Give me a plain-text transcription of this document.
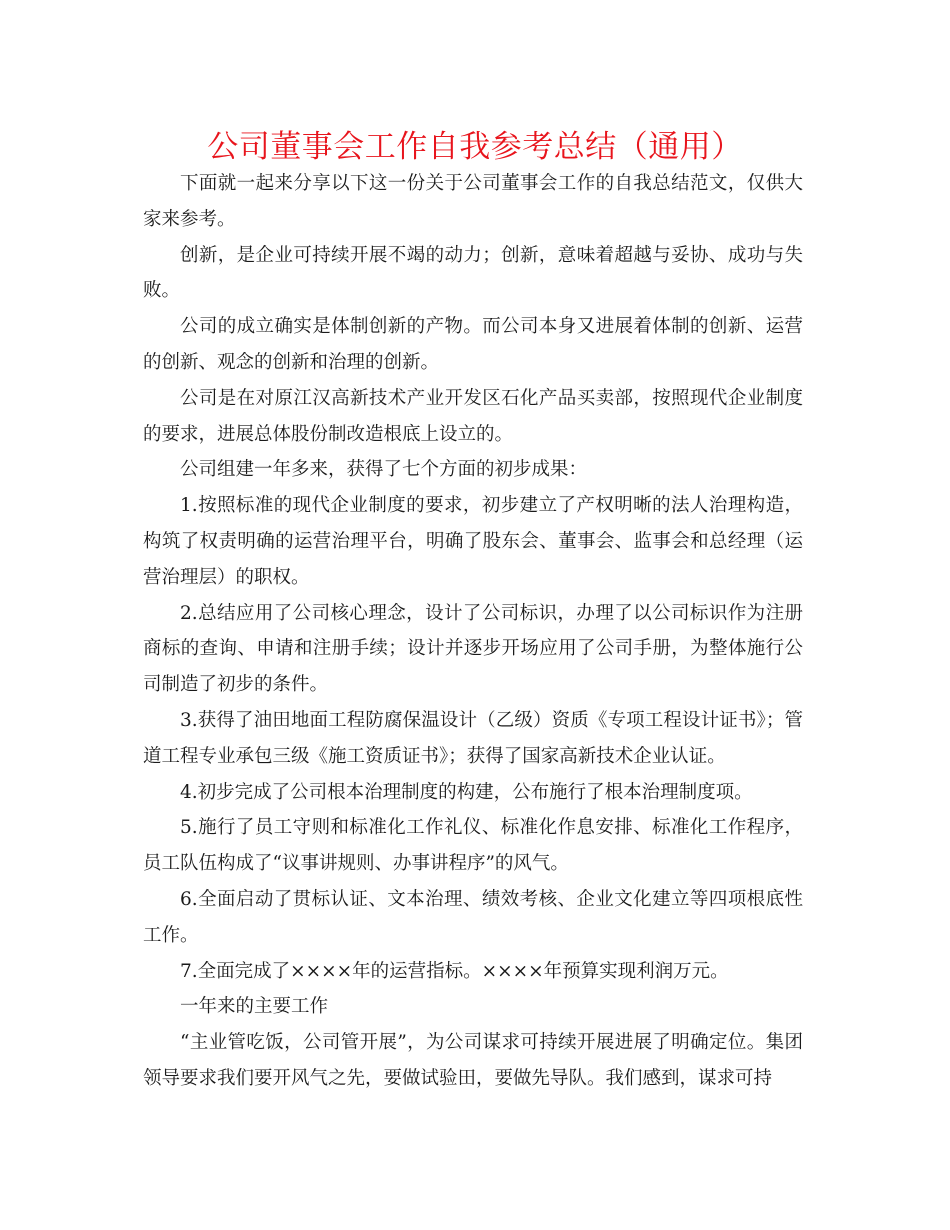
公司董事会工作自我参考总结（通用）

下面就一起来分享以下这一份关于公司董事会工作的自我总结范文，仅供大家来参考。

创新，是企业可持续开展不竭的动力；创新，意味着超越与妥协、成功与失败。

公司的成立确实是体制创新的产物。而公司本身又进展着体制的创新、运营的创新、观念的创新和治理的创新。

公司是在对原江汉高新技术产业开发区石化产品买卖部，按照现代企业制度的要求，进展总体股份制改造根底上设立的。

公司组建一年多来，获得了七个方面的初步成果：

1.按照标准的现代企业制度的要求，初步建立了产权明晰的法人治理构造，构筑了权责明确的运营治理平台，明确了股东会、董事会、监事会和总经理（运营治理层）的职权。

2.总结应用了公司核心理念，设计了公司标识，办理了以公司标识作为注册商标的查询、申请和注册手续；设计并逐步开场应用了公司手册，为整体施行公司制造了初步的条件。

3.获得了油田地面工程防腐保温设计（乙级）资质《专项工程设计证书》；管道工程专业承包三级《施工资质证书》；获得了国家高新技术企业认证。

4.初步完成了公司根本治理制度的构建，公布施行了根本治理制度项。

5.施行了员工守则和标准化工作礼仪、标准化作息安排、标准化工作程序，员工队伍构成了“议事讲规则、办事讲程序”的风气。

6.全面启动了贯标认证、文本治理、绩效考核、企业文化建立等四项根底性工作。

7.全面完成了××××年的运营指标。××××年预算实现利润万元。

一年来的主要工作

“主业管吃饭，公司管开展”，为公司谋求可持续开展进展了明确定位。集团领导要求我们要开风气之先，要做试验田，要做先导队。我们感到，谋求可持
